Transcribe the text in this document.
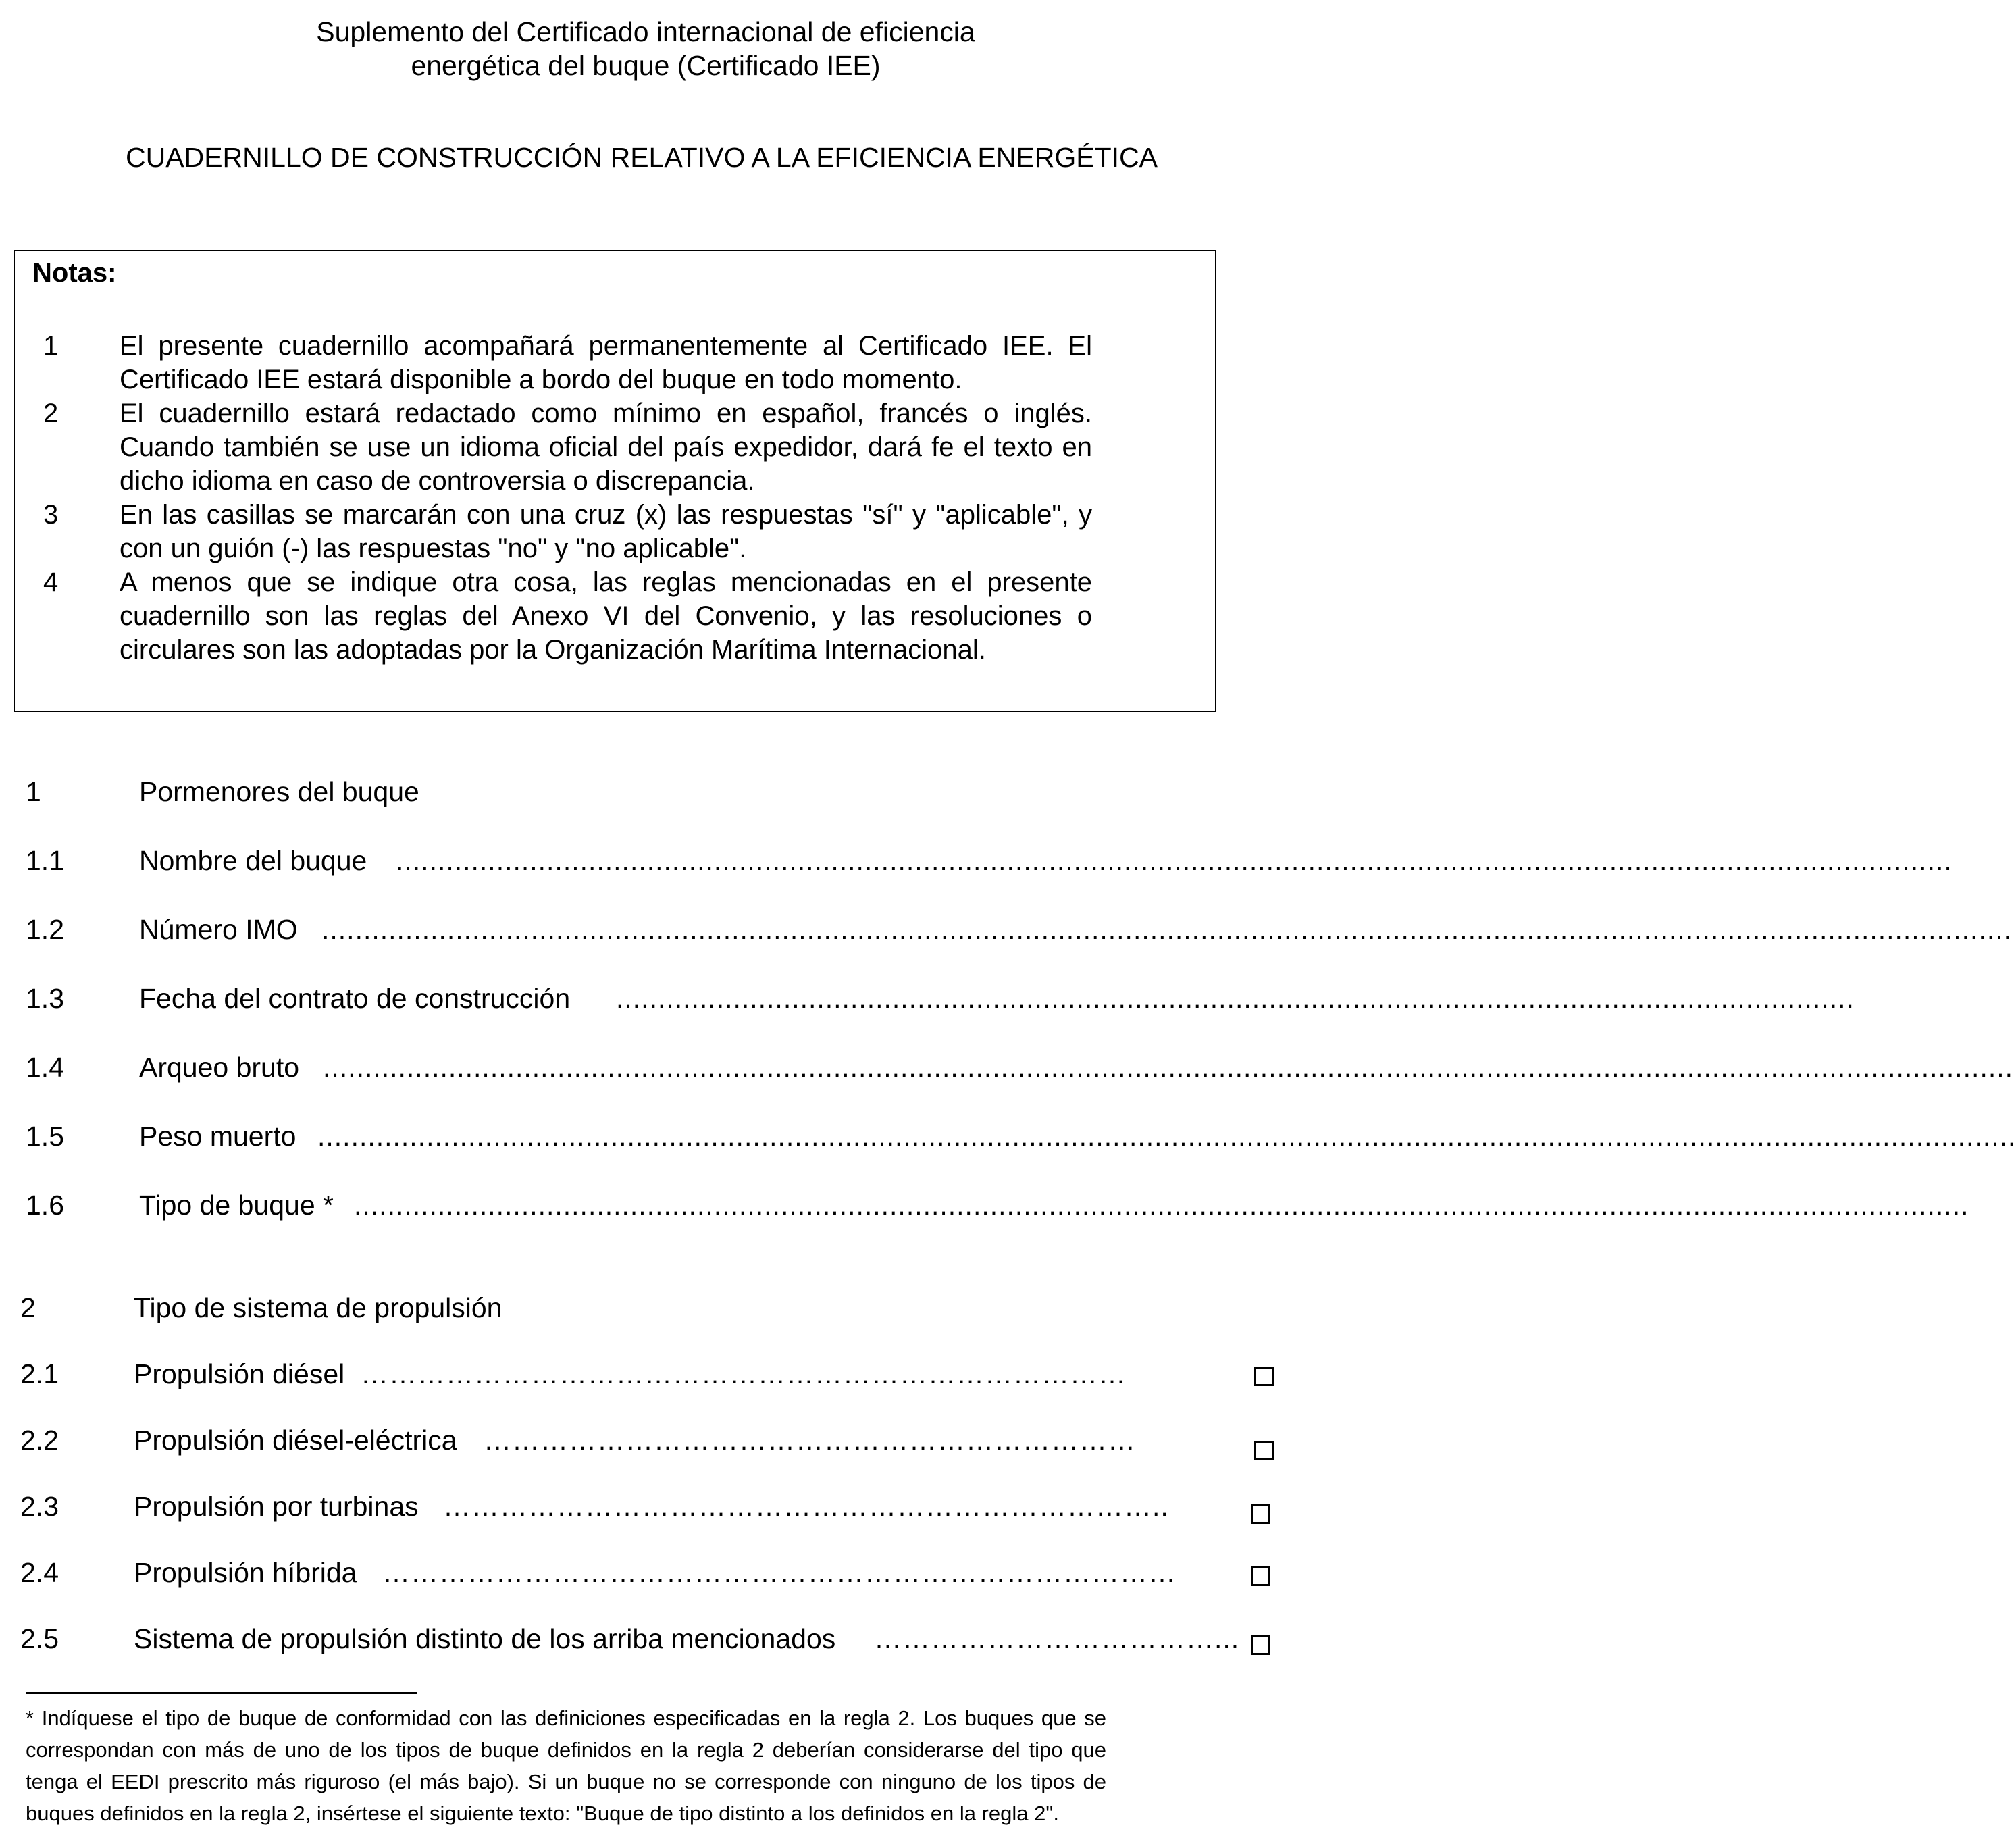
Suplemento del Certificado internacional de eficiencia
energética del buque (Certificado IEE)
CUADERNILLO DE CONSTRUCCIÓN RELATIVO A LA EFICIENCIA ENERGÉTICA
Notas:
1 El presente cuadernillo acompañará permanentemente al Certificado IEE. El Certificado IEE estará disponible a bordo del buque en todo momento.
2 El cuadernillo estará redactado como mínimo en español, francés o inglés. Cuando también se use un idioma oficial del país expedidor, dará fe el texto en dicho idioma en caso de controversia o discrepancia.
3 En las casillas se marcarán con una cruz (x) las respuestas "sí" y "aplicable", y con un guión (-) las respuestas "no" y "no aplicable".
4 A menos que se indique otra cosa, las reglas mencionadas en el presente cuadernillo son las reglas del Anexo VI del Convenio, y las resoluciones o circulares son las adoptadas por la Organización Marítima Internacional.
1	Pormenores del buque
1.1	Nombre del buque ..........................................................................................................................................................................................
1.2	Número IMO ..........................................................................................................................................................................................................
1.3	Fecha del contrato de construcción ....................................................................................................................................................
1.4	Arqueo bruto ..........................................................................................................................................................................................................
1.5	Peso muerto ...........................................................................................................................................................................................................
1.6	Tipo de buque * .................................................................................................................................................................................................
2	Tipo de sistema de propulsión
2.1	Propulsión diésel ………………………………………………………………………
2.2	Propulsión diésel-eléctrica ……………………………………………………………
2.3	Propulsión por turbinas …………………………………………………………………..
2.4	Propulsión híbrida …………………………………………………………………………
2.5	Sistema de propulsión distinto de los arriba mencionados ………………………………...
* Indíquese el tipo de buque de conformidad con las definiciones especificadas en la regla 2. Los buques que se correspondan con más de uno de los tipos de buque definidos en la regla 2 deberían considerarse del tipo que tenga el EEDI prescrito más riguroso (el más bajo). Si un buque no se corresponde con ninguno de los tipos de buques definidos en la regla 2, insértese el siguiente texto: "Buque de tipo distinto a los definidos en la regla 2".
